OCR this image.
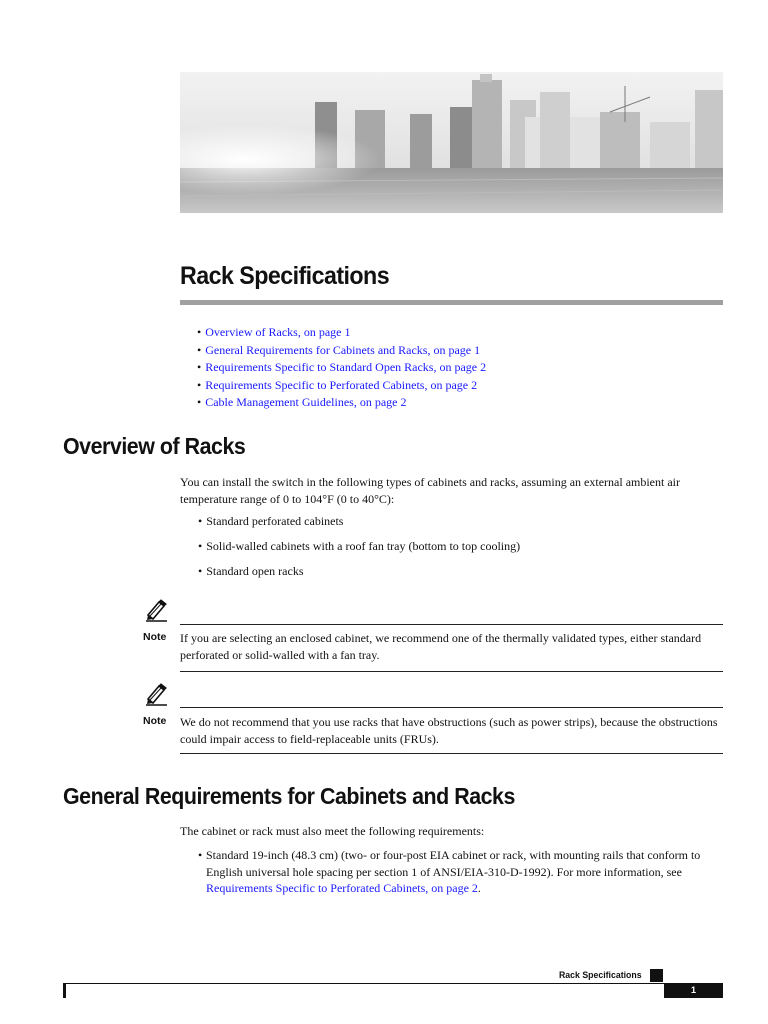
Rack Specifications
• Overview of Racks, on page 1
• General Requirements for Cabinets and Racks, on page 1
• Requirements Specific to Standard Open Racks, on page 2
• Requirements Specific to Perforated Cabinets, on page 2
• Cable Management Guidelines, on page 2
Overview of Racks
You can install the switch in the following types of cabinets and racks, assuming an external ambient air temperature range of 0 to 104°F (0 to 40°C):
• Standard perforated cabinets
• Solid-walled cabinets with a roof fan tray (bottom to top cooling)
• Standard open racks
Note If you are selecting an enclosed cabinet, we recommend one of the thermally validated types, either standard perforated or solid-walled with a fan tray.
Note We do not recommend that you use racks that have obstructions (such as power strips), because the obstructions could impair access to field-replaceable units (FRUs).
General Requirements for Cabinets and Racks
The cabinet or rack must also meet the following requirements:
• Standard 19-inch (48.3 cm) (two- or four-post EIA cabinet or rack, with mounting rails that conform to English universal hole spacing per section 1 of ANSI/EIA-310-D-1992). For more information, see Requirements Specific to Perforated Cabinets, on page 2.
Rack Specifications
1
